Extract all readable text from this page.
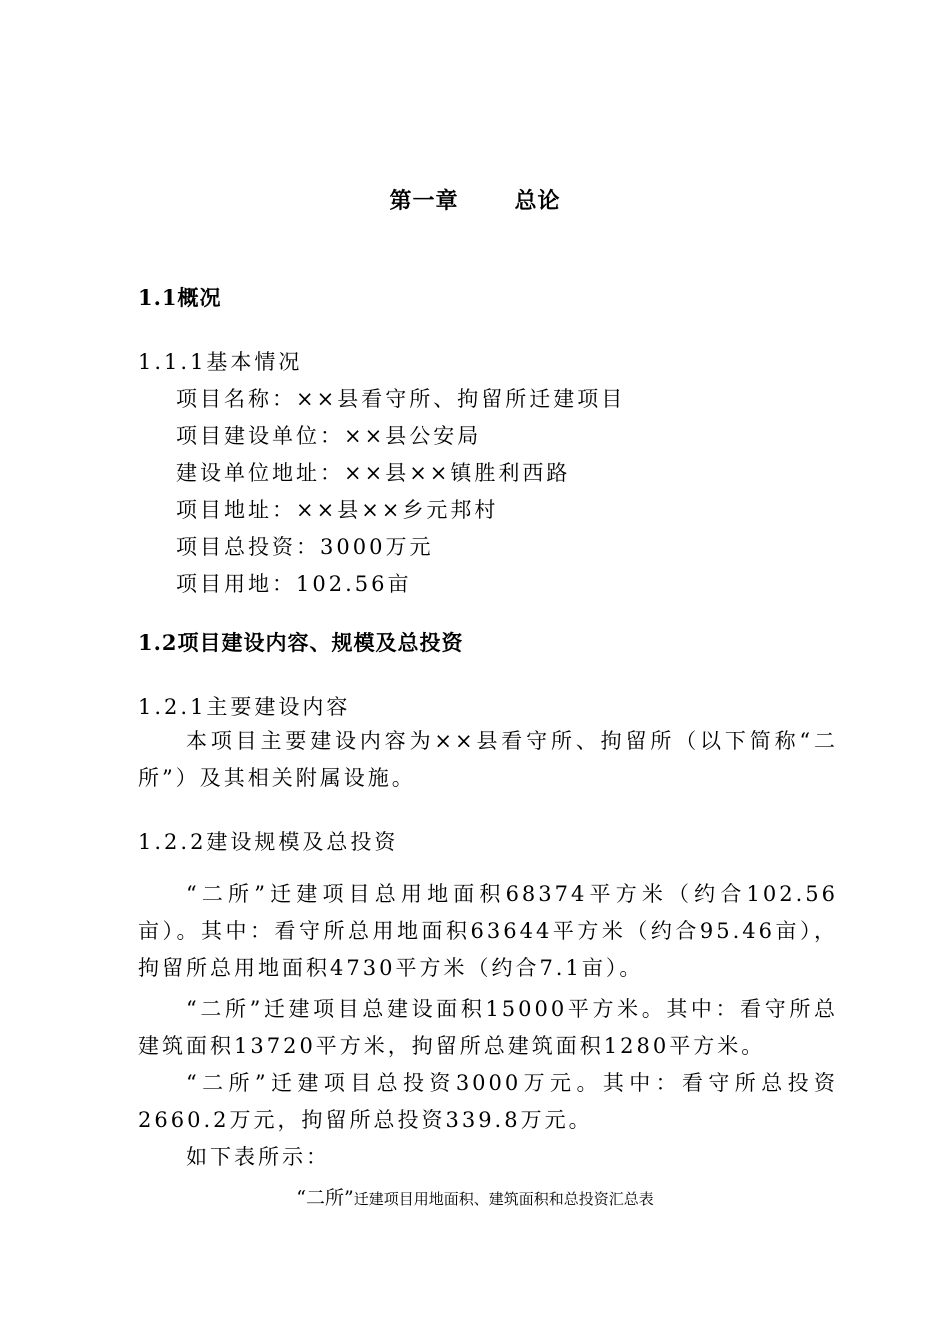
第一章	总论
1.1概况
1.1.1基本情况
项目名称：××县看守所、拘留所迁建项目
项目建设单位：××县公安局
建设单位地址：××县××镇胜利西路
项目地址：××县××乡元邦村
项目总投资：3000万元
项目用地：102.56亩
1.2项目建设内容、规模及总投资
1.2.1主要建设内容

本项目主要建设内容为××县看守所、拘留所（以下简称“二所”）及其相关附属设施。

1.2.2建设规模及总投资

“二所”迁建项目总用地面积68374平方米（约合102.56亩）。其中：看守所总用地面积63644平方米（约合95.46亩），拘留所总用地面积4730平方米（约合7.1亩）。

“二所”迁建项目总建设面积15000平方米。其中：看守所总建筑面积13720平方米，拘留所总建筑面积1280平方米。

“二所”迁建项目总投资3000万元。其中：看守所总投资2660.2万元，拘留所总投资339.8万元。

如下表所示：

“二所”迁建项目用地面积、建筑面积和总投资汇总表
